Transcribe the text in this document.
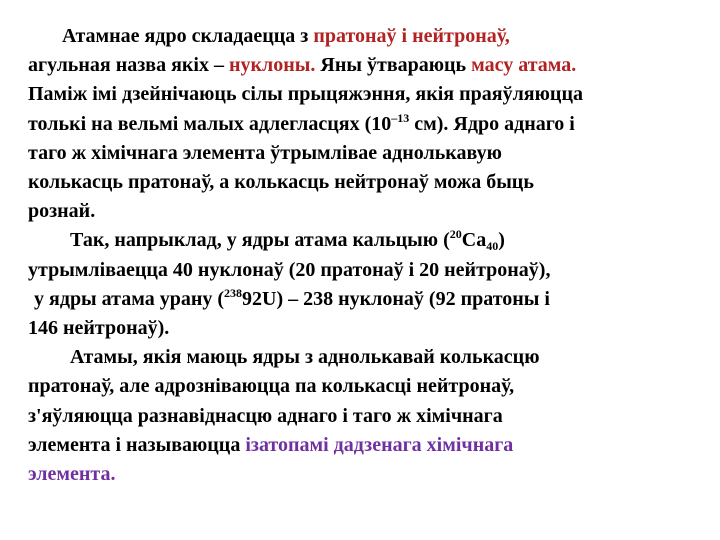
Атамнае ядро складаецца з пратонаў і нейтронаў,
агульная назва якіх – нуклоны. Яны ўтвараюць масу атама.
Паміж імі дзейнічаюць сілы прыцяжэння, якія праяўляюцца
толькі на вельмі малых адлегласцях ($10^{-13}$ см). Ядро аднаго і
таго ж хімічнага элемента ўтрымлівае аднолькавую
колькасць пратонаў, а колькасць нейтронаў можа быць
рознай.
Так, напрыклад, у ядры атама кальцыю $(^{20}Са_{40})$
утрымліваецца 40 нуклонаў (20 пратонаў і 20 нейтронаў),
у ядры атама урану ($^{238}$92U) – 238 нуклонаў (92 пратоны і
146 нейтронаў).
Атамы, якія маюць ядры з аднолькавай колькасцю
пратонаў, але адрозніваюцца па колькасці нейтронаў,
з'яўляюцца разнавіднасцю аднаго і таго ж хімічнага
элемента і называюцца ізатопамі дадзенага хімічнага
элемента.
